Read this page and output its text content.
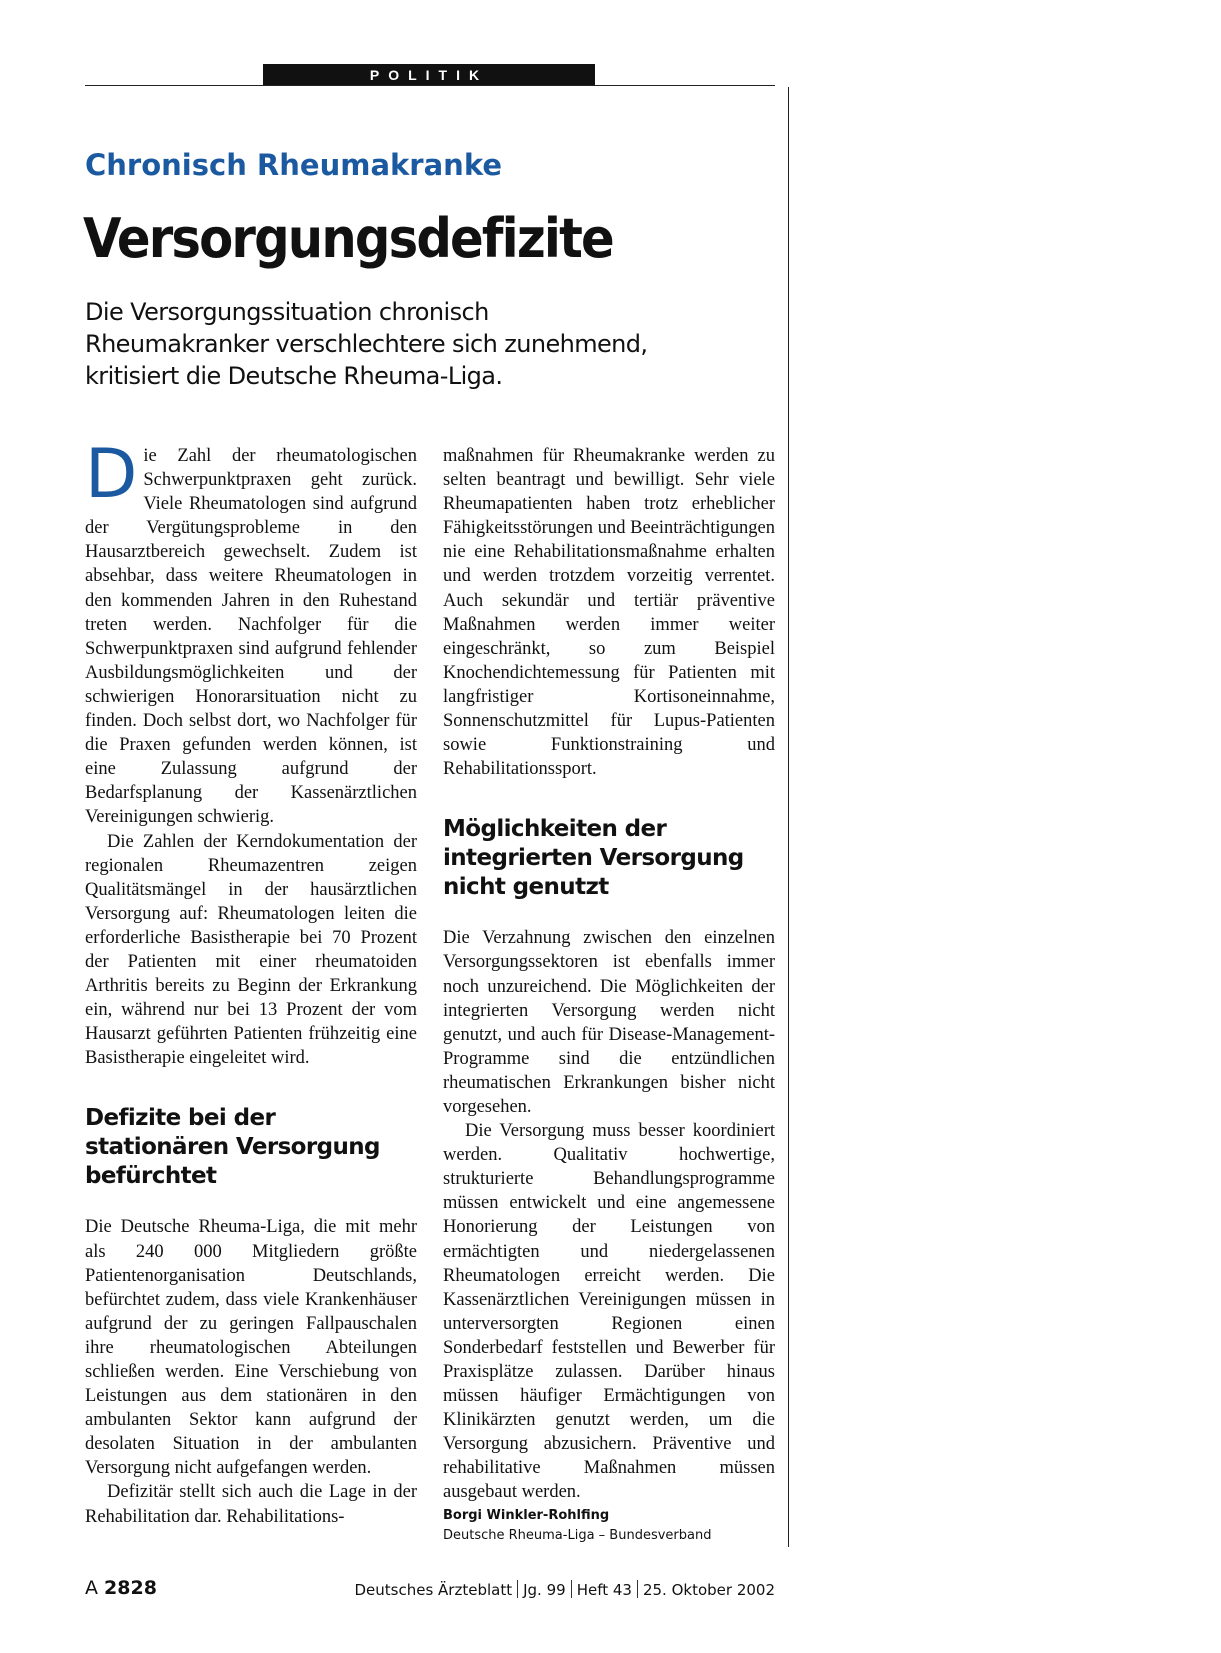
POLITIK
Chronisch Rheumakranke
Versorgungsdefizite
Die Versorgungssituation chronisch
Rheumakranker verschlechtere sich zunehmend,
kritisiert die Deutsche Rheuma-Liga.

Die Zahl der rheumatologischen Schwerpunktpraxen geht zurück. Viele Rheumatologen sind aufgrund der Vergütungsprobleme in den Hausarztbereich gewechselt. Zudem ist absehbar, dass weitere Rheumatologen in den kommenden Jahren in den Ruhestand treten werden. Nachfolger für die Schwerpunktpraxen sind aufgrund fehlender Ausbildungsmöglichkeiten und der schwierigen Honorarsituation nicht zu finden. Doch selbst dort, wo Nachfolger für die Praxen gefunden werden können, ist eine Zulassung aufgrund der Bedarfsplanung der Kassenärztlichen Vereinigungen schwierig.

Die Zahlen der Kerndokumentation der regionalen Rheumazentren zeigen Qualitätsmängel in der hausärztlichen Versorgung auf: Rheumatologen leiten die erforderliche Basistherapie bei 70 Prozent der Patienten mit einer rheumatoiden Arthritis bereits zu Beginn der Erkrankung ein, während nur bei 13 Prozent der vom Hausarzt geführten Patienten frühzeitig eine Basistherapie eingeleitet wird.

Defizite bei der stationären Versorgung befürchtet

Die Deutsche Rheuma-Liga, die mit mehr als 240 000 Mitgliedern größte Patientenorganisation Deutschlands, befürchtet zudem, dass viele Krankenhäuser aufgrund der zu geringen Fallpauschalen ihre rheumatologischen Abteilungen schließen werden. Eine Verschiebung von Leistungen aus dem stationären in den ambulanten Sektor kann aufgrund der desolaten Situation in der ambulanten Versorgung nicht aufgefangen werden.

Defizitär stellt sich auch die Lage in der Rehabilitation dar. Rehabilitations-

maßnahmen für Rheumakranke werden zu selten beantragt und bewilligt. Sehr viele Rheumapatienten haben trotz erheblicher Fähigkeitsstörungen und Beeinträchtigungen nie eine Rehabilitationsmaßnahme erhalten und werden trotzdem vorzeitig verrentet. Auch sekundär und tertiär präventive Maßnahmen werden immer weiter eingeschränkt, so zum Beispiel Knochendichtemessung für Patienten mit langfristiger Kortisoneinnahme, Sonnenschutzmittel für Lupus-Patienten sowie Funktionstraining und Rehabilitationssport.

Möglichkeiten der integrierten Versorgung nicht genutzt

Die Verzahnung zwischen den einzelnen Versorgungssektoren ist ebenfalls immer noch unzureichend. Die Möglichkeiten der integrierten Versorgung werden nicht genutzt, und auch für Disease-Management-Programme sind die entzündlichen rheumatischen Erkrankungen bisher nicht vorgesehen.

Die Versorgung muss besser koordiniert werden. Qualitativ hochwertige, strukturierte Behandlungsprogramme müssen entwickelt und eine angemessene Honorierung der Leistungen von ermächtigten und niedergelassenen Rheumatologen erreicht werden. Die Kassenärztlichen Vereinigungen müssen in unterversorgten Regionen einen Sonderbedarf feststellen und Bewerber für Praxisplätze zulassen. Darüber hinaus müssen häufiger Ermächtigungen von Klinikärzten genutzt werden, um die Versorgung abzusichern. Präventive und rehabilitative Maßnahmen müssen ausgebaut werden.

Borgi Winkler-Rohlfing
Deutsche Rheuma-Liga – Bundesverband
A 2828	Deutsches Ärzteblatt Jg. 99 Heft 43 25. Oktober 2002
